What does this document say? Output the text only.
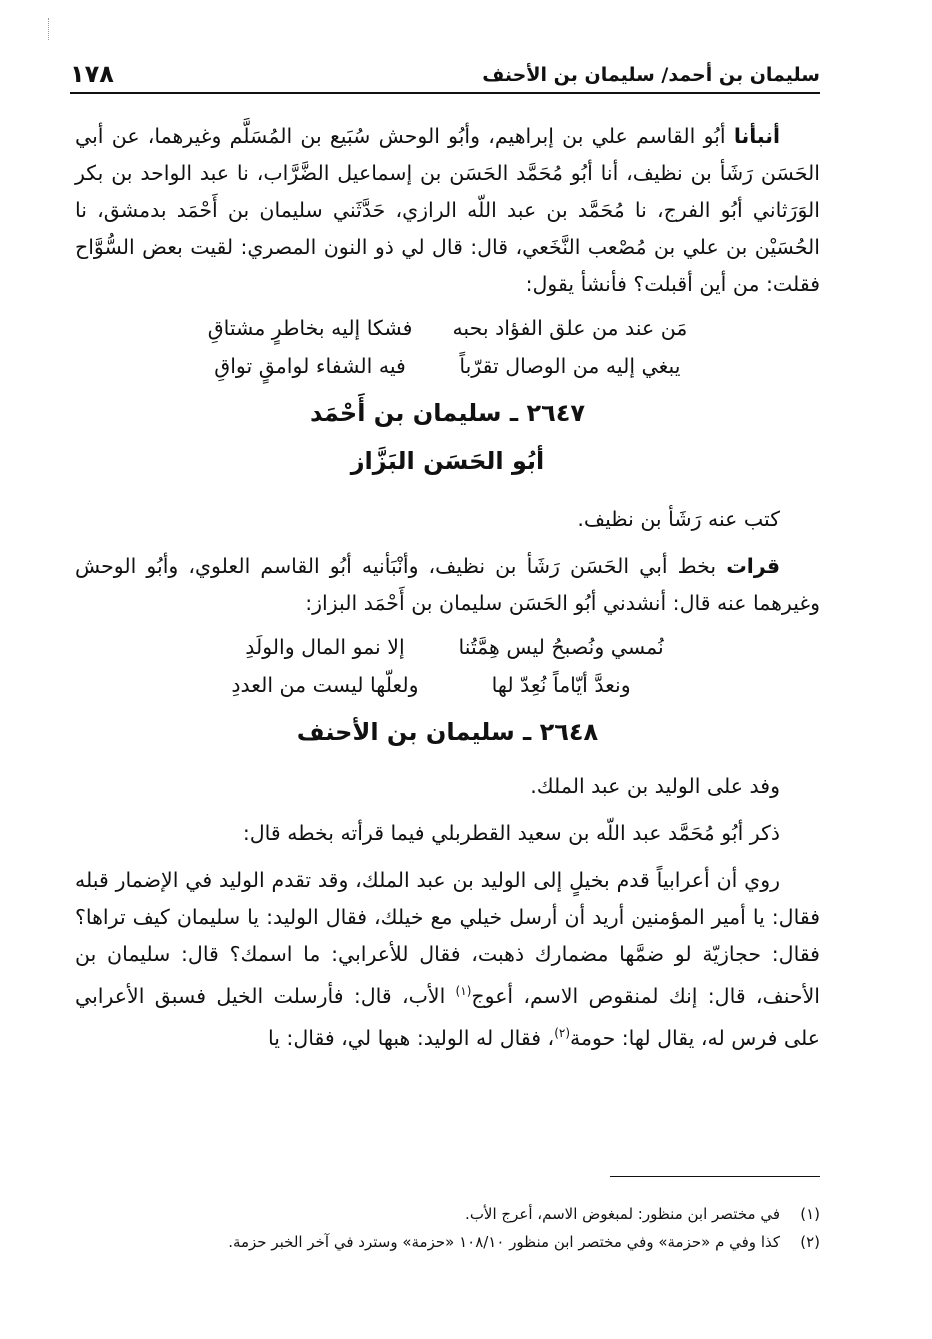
سليمان بن أحمد/ سليمان بن الأحنف
١٧٨

أنبأنا أبُو القاسم علي بن إبراهيم، وأبُو الوحش سُبَيع بن المُسَلَّم وغيرهما، عن أبي الحَسَن رَشَأ بن نظيف، أنا أبُو مُحَمَّد الحَسَن بن إسماعيل الضَّرَّاب، نا عبد الواحد بن بكر الوَرَثاني أبُو الفرج، نا مُحَمَّد بن عبد اللّه الرازي، حَدَّثَني سليمان بن أَحْمَد بدمشق، نا الحُسَيْن بن علي بن مُصْعب النَّخَعي، قال: قال لي ذو النون المصري: لقيت بعض السُّوَّاح فقلت: من أين أقبلت؟ فأنشأ يقول:

مَن عند من علق الفؤاد بحبه
يبغي إليه من الوصال تقرّباً
فشكا إليه بخاطرٍ مشتاقِ
فيه الشفاء لوامقٍ تواقِ
٢٦٤٧ ـ سليمان بن أَحْمَد
أبُو الحَسَن البَزَّاز

كتب عنه رَشَأ بن نظيف.

قرات بخط أبي الحَسَن رَشَأ بن نظيف، وأنْبَأنيه أبُو القاسم العلوي، وأبُو الوحش وغيرهما عنه قال: أنشدني أبُو الحَسَن سليمان بن أَحْمَد البزاز:

نُمسي ونُصبحُ ليس هِمَّتُنا
ونعدَّ أيّاماً نُعِدّ لها
إلا نمو المال والولَدِ
ولعلّها ليست من العددِ
٢٦٤٨ ـ سليمان بن الأحنف

وفد على الوليد بن عبد الملك.

ذكر أبُو مُحَمَّد عبد اللّه بن سعيد القطربلي فيما قرأته بخطه قال:

روي أن أعرابياً قدم بخيلٍ إلى الوليد بن عبد الملك، وقد تقدم الوليد في الإضمار قبله فقال: يا أمير المؤمنين أريد أن أرسل خيلي مع خيلك، فقال الوليد: يا سليمان كيف تراها؟ فقال: حجازيّة لو ضمَّها مضمارك ذهبت، فقال للأعرابي: ما اسمك؟ قال: سليمان بن الأحنف، قال: إنك لمنقوص الاسم، أعوج$^{(١)}$ الأب، قال: فأرسلت الخيل فسبق الأعرابي على فرس له، يقال لها: حومة$^{(٢)}$، فقال له الوليد: هبها لي، فقال: يا

(١)
في مختصر ابن منظور: لمبغوض الاسم، أعرج الأب.
(٢)
كذا وفي م «حزمة» وفي مختصر ابن منظور ١٠٨/١٠ «حزمة» وسترد في آخر الخبر حزمة.
